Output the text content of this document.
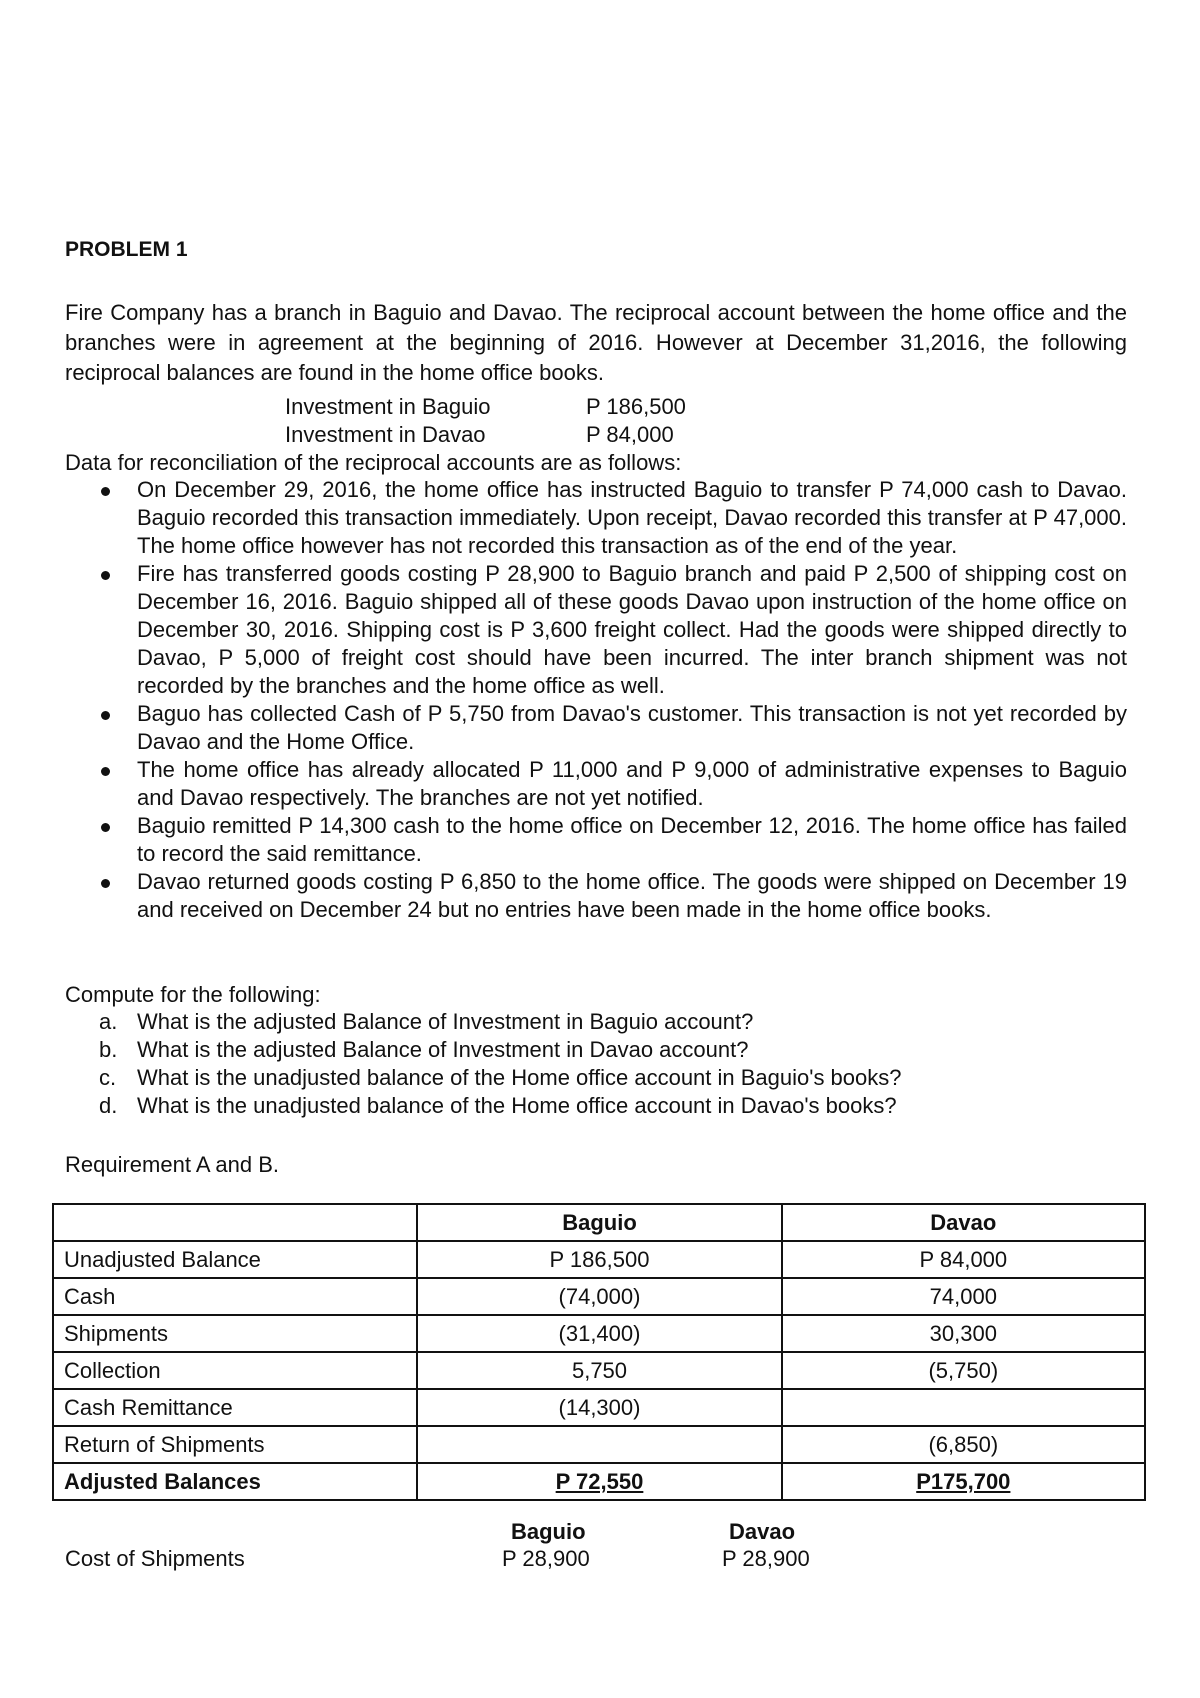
PROBLEM 1
Fire Company has a branch in Baguio and Davao. The reciprocal account between the home office and the branches were in agreement at the beginning of 2016. However at December 31,2016, the following reciprocal balances are found in the home office books.
Investment in Baguio	P 186,500
Investment in Davao	P 84,000
Data for reconciliation of the reciprocal accounts are as follows:
On December 29, 2016, the home office has instructed Baguio to transfer P 74,000 cash to Davao. Baguio recorded this transaction immediately. Upon receipt, Davao recorded this transfer at P 47,000. The home office however has not recorded this transaction as of the end of the year.
Fire has transferred goods costing P 28,900 to Baguio branch and paid P 2,500 of shipping cost on December 16, 2016. Baguio shipped all of these goods Davao upon instruction of the home office on December 30, 2016. Shipping cost is P 3,600 freight collect. Had the goods were shipped directly to Davao, P 5,000 of freight cost should have been incurred. The inter branch shipment was not recorded by the branches and the home office as well.
Baguo has collected Cash of P 5,750 from Davao's customer. This transaction is not yet recorded by Davao and the Home Office.
The home office has already allocated P 11,000 and P 9,000 of administrative expenses to Baguio and Davao respectively. The branches are not yet notified.
Baguio remitted P 14,300 cash to the home office on December 12, 2016. The home office has failed to record the said remittance.
Davao returned goods costing P 6,850 to the home office. The goods were shipped on December 19 and received on December 24 but no entries have been made in the home office books.
Compute for the following:
a. What is the adjusted Balance of Investment in Baguio account?
b. What is the adjusted Balance of Investment in Davao account?
c. What is the unadjusted balance of the Home office account in Baguio's books?
d. What is the unadjusted balance of the Home office account in Davao's books?
Requirement A and B.
	Baguio	Davao
Unadjusted Balance	P 186,500	P 84,000
Cash	(74,000)	74,000
Shipments	(31,400)	30,300
Collection	5,750	(5,750)
Cash Remittance	(14,300)	
Return of Shipments		(6,850)
Adjusted Balances	P 72,550	P175,700
Baguio	Davao
Cost of Shipments	P 28,900	P 28,900
